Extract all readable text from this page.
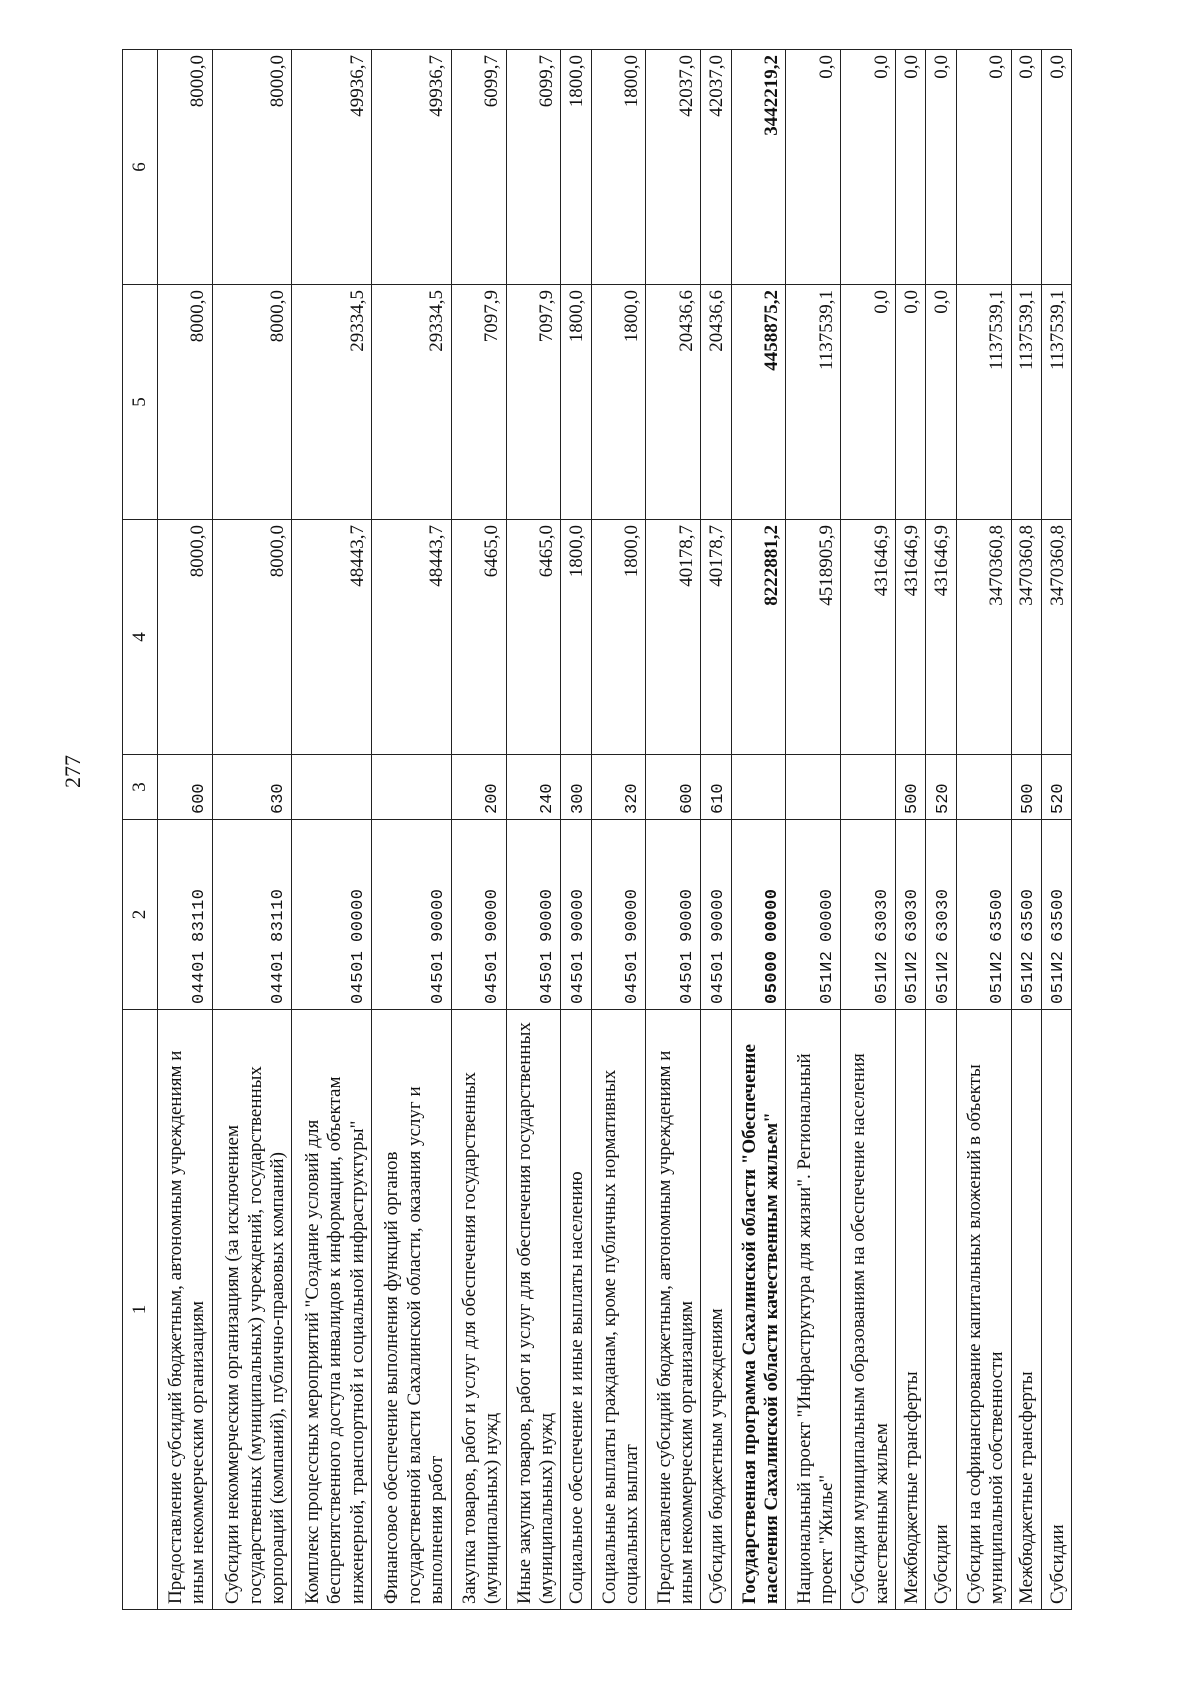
277
1	2	3	4	5	6
Предоставление субсидий бюджетным, автономным учреждениям и иным некоммерческим организациям	0440183110	600	8000,0	8000,0	8000,0
Субсидии некоммерческим организациям (за исключением государственных (муниципальных) учреждений, государственных корпораций (компаний), публично-правовых компаний)	0440183110	630	8000,0	8000,0	8000,0
Комплекс процессных мероприятий "Создание условий для беспрепятственного доступа инвалидов к информации, объектам инженерной, транспортной и социальной инфраструктуры"	0450100000		48443,7	29334,5	49936,7
Финансовое обеспечение выполнения функций органов государственной власти Сахалинской области, оказания услуг и выполнения работ	0450190000		48443,7	29334,5	49936,7
Закупка товаров, работ и услуг для обеспечения государственных (муниципальных) нужд	0450190000	200	6465,0	7097,9	6099,7
Иные закупки товаров, работ и услуг для обеспечения государственных (муниципальных) нужд	0450190000	240	6465,0	7097,9	6099,7
Социальное обеспечение и иные выплаты населению	0450190000	300	1800,0	1800,0	1800,0
Социальные выплаты гражданам, кроме публичных нормативных социальных выплат	0450190000	320	1800,0	1800,0	1800,0
Предоставление субсидий бюджетным, автономным учреждениям и иным некоммерческим организациям	0450190000	600	40178,7	20436,6	42037,0
Субсидии бюджетным учреждениям	0450190000	610	40178,7	20436,6	42037,0
Государственная программа Сахалинской области "Обеспечение населения Сахалинской области качественным жильем"	0500000000		8222881,2	4458875,2	3442219,2
Национальный проект "Инфраструктура для жизни". Региональный проект "Жилье"	051И200000		4518905,9	1137539,1	0,0
Субсидия муниципальным образованиям на обеспечение населения качественным жильем	051И263030		431646,9	0,0	0,0
Межбюджетные трансферты	051И263030	500	431646,9	0,0	0,0
Субсидии	051И263030	520	431646,9	0,0	0,0
Субсидии на софинансирование капитальных вложений в объекты муниципальной собственности	051И263500		3470360,8	1137539,1	0,0
Межбюджетные трансферты	051И263500	500	3470360,8	1137539,1	0,0
Субсидии	051И263500	520	3470360,8	1137539,1	0,0
